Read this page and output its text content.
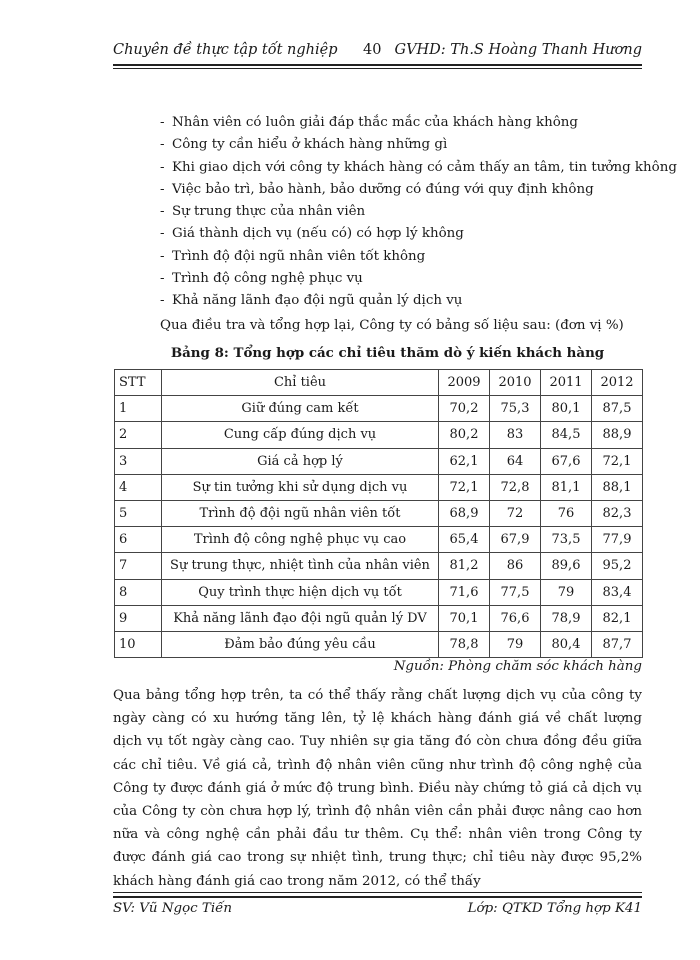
Chuyên đề thực tập tốt nghiệp 40 GVHD: Th.S Hoàng Thanh Hương
- Nhân viên có luôn giải đáp thắc mắc của khách hàng không
- Công ty cần hiểu ở khách hàng những gì
- Khi giao dịch với công ty khách hàng có cảm thấy an tâm, tin tưởng không
- Việc bảo trì, bảo hành, bảo dưỡng có đúng với quy định không
- Sự trung thực của nhân viên
- Giá thành dịch vụ (nếu có) có hợp lý không
- Trình độ đội ngũ nhân viên tốt không
- Trình độ công nghệ phục vụ
- Khả năng lãnh đạo đội ngũ quản lý dịch vụ
Qua điều tra và tổng hợp lại, Công ty có bảng số liệu sau: (đơn vị %)
Bảng 8: Tổng hợp các chỉ tiêu thăm dò ý kiến khách hàng
STT	Chỉ tiêu	2009	2010	2011	2012
1	Giữ đúng cam kết	70,2	75,3	80,1	87,5
2	Cung cấp đúng dịch vụ	80,2	83	84,5	88,9
3	Giá cả hợp lý	62,1	64	67,6	72,1
4	Sự tin tưởng khi sử dụng dịch vụ	72,1	72,8	81,1	88,1
5	Trình độ đội ngũ nhân viên tốt	68,9	72	76	82,3
6	Trình độ công nghệ phục vụ cao	65,4	67,9	73,5	77,9
7	Sự trung thực, nhiệt tình của nhân viên	81,2	86	89,6	95,2
8	Quy trình thực hiện dịch vụ tốt	71,6	77,5	79	83,4
9	Khả năng lãnh đạo đội ngũ quản lý DV	70,1	76,6	78,9	82,1
10	Đảm bảo đúng yêu cầu	78,8	79	80,4	87,7
Nguồn: Phòng chăm sóc khách hàng

Qua bảng tổng hợp trên, ta có thể thấy rằng chất lượng dịch vụ của công ty ngày càng có xu hướng tăng lên, tỷ lệ khách hàng đánh giá về chất lượng dịch vụ tốt ngày càng cao. Tuy nhiên sự gia tăng đó còn chưa đồng đều giữa các chỉ tiêu. Về giá cả, trình độ nhân viên cũng như trình độ công nghệ của Công ty được đánh giá ở mức độ trung bình. Điều này chứng tỏ giá cả dịch vụ của Công ty còn chưa hợp lý, trình độ nhân viên cần phải được nâng cao hơn nữa và công nghệ cần phải đầu tư thêm. Cụ thể: nhân viên trong Công ty được đánh giá cao trong sự nhiệt tình, trung thực; chỉ tiêu này được 95,2% khách hàng đánh giá cao trong năm 2012, có thể thấy

SV: Vũ Ngọc Tiến	Lớp: QTKD Tổng hợp K41
